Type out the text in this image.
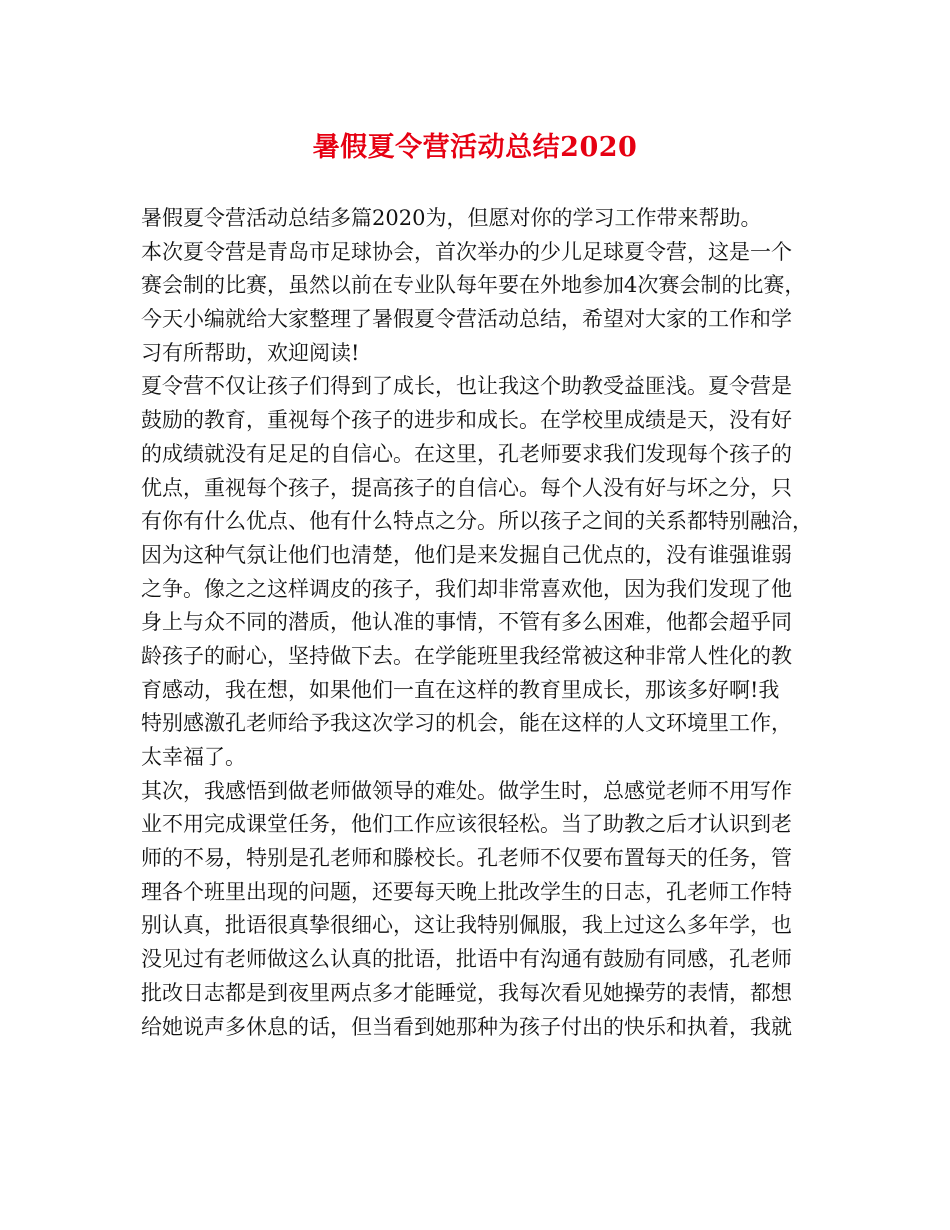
暑假夏令营活动总结2020
暑假夏令营活动总结多篇2020为，但愿对你的学习工作带来帮助。
本次夏令营是青岛市足球协会，首次举办的少儿足球夏令营，这是一个
赛会制的比赛，虽然以前在专业队每年要在外地参加4次赛会制的比赛，
今天小编就给大家整理了暑假夏令营活动总结，希望对大家的工作和学
习有所帮助，欢迎阅读!
夏令营不仅让孩子们得到了成长，也让我这个助教受益匪浅。夏令营是
鼓励的教育，重视每个孩子的进步和成长。在学校里成绩是天，没有好
的成绩就没有足足的自信心。在这里，孔老师要求我们发现每个孩子的
优点，重视每个孩子，提高孩子的自信心。每个人没有好与坏之分，只
有你有什么优点、他有什么特点之分。所以孩子之间的关系都特别融洽，
因为这种气氛让他们也清楚，他们是来发掘自己优点的，没有谁强谁弱
之争。像之之这样调皮的孩子，我们却非常喜欢他，因为我们发现了他
身上与众不同的潜质，他认准的事情，不管有多么困难，他都会超乎同
龄孩子的耐心，坚持做下去。在学能班里我经常被这种非常人性化的教
育感动，我在想，如果他们一直在这样的教育里成长，那该多好啊!我
特别感激孔老师给予我这次学习的机会，能在这样的人文环境里工作，
太幸福了。
其次，我感悟到做老师做领导的难处。做学生时，总感觉老师不用写作
业不用完成课堂任务，他们工作应该很轻松。当了助教之后才认识到老
师的不易，特别是孔老师和滕校长。孔老师不仅要布置每天的任务，管
理各个班里出现的问题，还要每天晚上批改学生的日志，孔老师工作特
别认真，批语很真挚很细心，这让我特别佩服，我上过这么多年学，也
没见过有老师做这么认真的批语，批语中有沟通有鼓励有同感，孔老师
批改日志都是到夜里两点多才能睡觉，我每次看见她操劳的表情，都想
给她说声多休息的话，但当看到她那种为孩子付出的快乐和执着，我就
